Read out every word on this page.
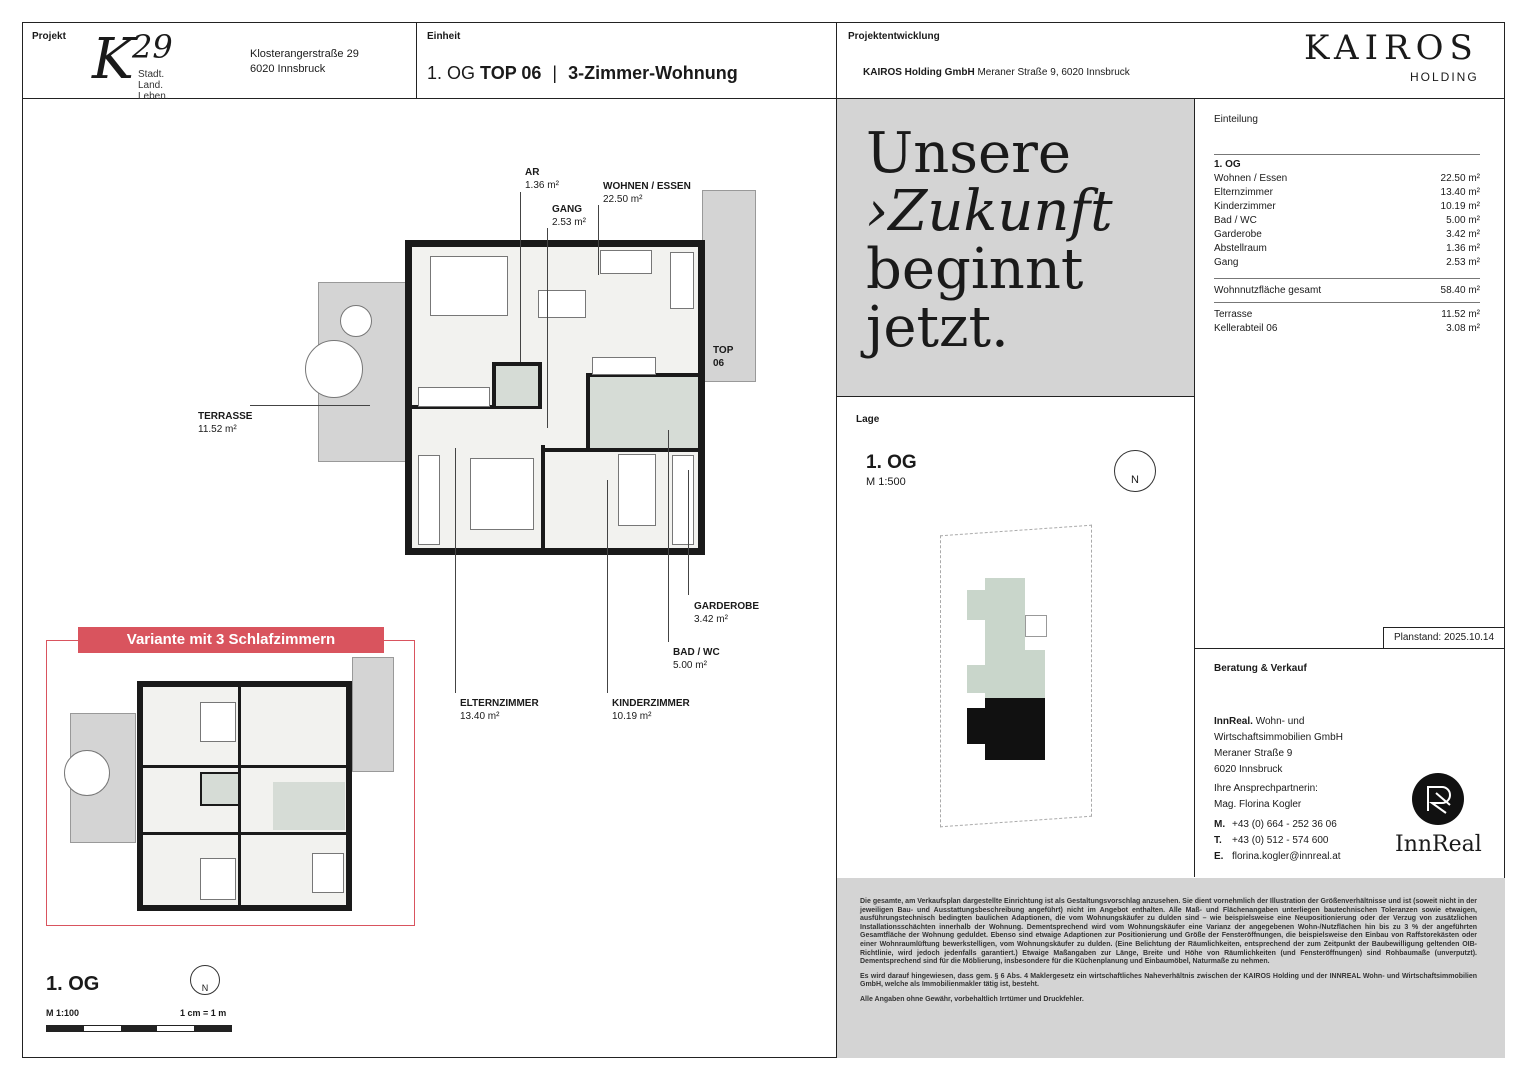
Projekt K
29
Stadt.
Land.
Leben.
Klosterangerstraße 29
6020 Innsbruck
Einheit
1. OG TOP 06 | 3-Zimmer-Wohnung
Projektentwicklung
KAIROS Holding GmbH Meraner Straße 9, 6020 Innsbruck
KAIROS
HOLDING
AR
1.36 m²
GANG
2.53 m²
WOHNEN / ESSEN
22.50 m²
TOP
06
TERRASSE
11.52 m²
GARDEROBE
3.42 m²
BAD / WC
5.00 m²
ELTERNZIMMER
13.40 m²
KINDERZIMMER
10.19 m²
Variante mit 3 Schlafzimmern
1. OG	N
M 1:100	1 cm = 1 m
Unsere
›Zukunft
beginnt
jetzt.
Lage
1. OG
M 1:500	N
Einteilung
1. OG
Wohnen / Essen	22.50 m²
Elternzimmer	13.40 m²
Kinderzimmer	10.19 m²
Bad / WC	5.00 m²
Garderobe	3.42 m²
Abstellraum	1.36 m²
Gang	2.53 m²
Wohnnutzfläche gesamt	58.40 m²
Terrasse	11.52 m²
Kellerabteil 06	3.08 m²
Planstand: 2025.10.14
Beratung & Verkauf
InnReal. Wohn- und
Wirtschaftsimmobilien GmbH
Meraner Straße 9
6020 Innsbruck
Ihre Ansprechpartnerin:
Mag. Florina Kogler
M. +43 (0) 664 - 252 36 06
T. +43 (0) 512 - 574 600
E. florina.kogler@innreal.at InnReal

Die gesamte, am Verkaufsplan dargestellte Einrichtung ist als Gestaltungsvorschlag anzusehen. Sie dient vornehmlich der Illustration der Größenverhältnisse und ist (soweit nicht in der jeweiligen Bau- und Ausstattungsbeschreibung angeführt) nicht im Angebot enthalten. Alle Maß- und Flächenangaben unterliegen bautechnischen Toleranzen sowie etwaigen, ausführungstechnisch bedingten baulichen Adaptionen, die vom Wohnungskäufer zu dulden sind – wie beispielsweise eine Neupositionierung oder der Verzug von zusätzlichen Installationsschächten innerhalb der Wohnung. Dementsprechend wird vom Wohnungskäufer eine Varianz der angegebenen Wohn-/Nutzflächen hin bis zu 3 % der angeführten Gesamtfläche der Wohnung geduldet. Ebenso sind etwaige Adaptionen zur Positionierung und Größe der Fensteröffnungen, die beispielsweise den Einbau von Raffstorekästen oder einer Wohnraumlüftung bewerkstelligen, vom Wohnungskäufer zu dulden. (Eine Belichtung der Räumlichkeiten, entsprechend der zum Zeitpunkt der Baubewilligung geltenden OIB-Richtlinie, wird jedoch jedenfalls garantiert.) Etwaige Maßangaben zur Länge, Breite und Höhe von Räumlichkeiten (und Fensteröffnungen) sind Rohbaumaße (unverputzt). Dementsprechend sind für die Möblierung, insbesondere für die Küchenplanung und Einbaumöbel, Naturmaße zu nehmen.

Es wird darauf hingewiesen, dass gem. § 6 Abs. 4 Maklergesetz ein wirtschaftliches Naheverhältnis zwischen der KAIROS Holding und der INNREAL Wohn- und Wirtschaftsimmobilien GmbH, welche als Immobilienmakler tätig ist, besteht.

Alle Angaben ohne Gewähr, vorbehaltlich Irrtümer und Druckfehler.
